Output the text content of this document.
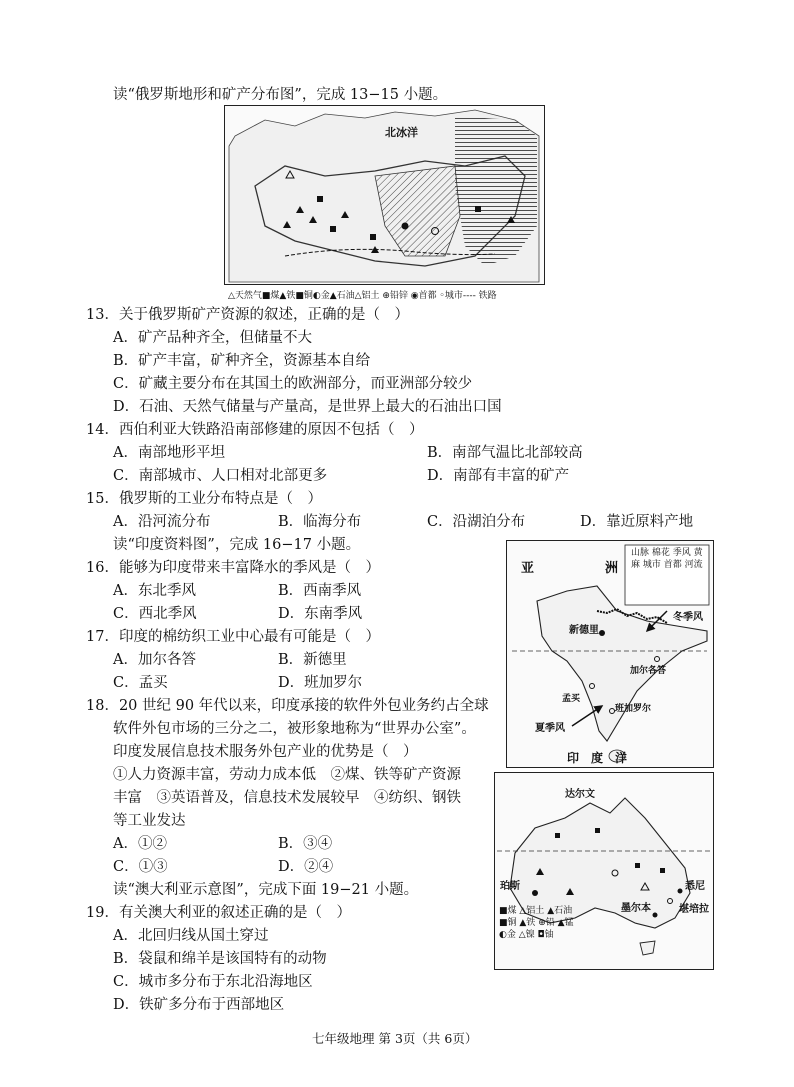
读“俄罗斯地形和矿产分布图”，完成 13−15 小题。
北冰洋
△天然气■煤▲铁■铜◐金▲石油△铝土 ⊕铅锌 ◉首都 ◦城市---- 铁路
13．关于俄罗斯矿产资源的叙述，正确的是（　）
A．矿产品种齐全，但储量不大
B．矿产丰富，矿种齐全，资源基本自给
C．矿藏主要分布在其国土的欧洲部分，而亚洲部分较少
D．石油、天然气储量与产量高，是世界上最大的石油出口国
14．西伯利亚大铁路沿南部修建的原因不包括（　）
A．南部地形平坦	B．南部气温比北部较高
C．南部城市、人口相对北部更多	D．南部有丰富的矿产
15．俄罗斯的工业分布特点是（　）
A．沿河流分布	B．临海分布	C．沿湖泊分布	D．靠近原料产地
读“印度资料图”，完成 16−17 小题。
16．能够为印度带来丰富降水的季风是（　）
A．东北季风	B．西南季风
C．西北季风	D．东南季风
17．印度的棉纺织工业中心最有可能是（　）
A．加尔各答	B．新德里
C．孟买	D．班加罗尔
18．20 世纪 90 年代以来，印度承接的软件外包业务约占全球
软件外包市场的三分之二，被形象地称为“世界办公室”。
印度发展信息技术服务外包产业的优势是（　）
①人力资源丰富，劳动力成本低　②煤、铁等矿产资源
丰富　③英语普及，信息技术发展较早　④纺织、钢铁
等工业发达
A．①②	B．③④
C．①③	D．②④
亚	洲
冬季风
新德里
加尔各答
孟买
夏季风
班加罗尔
印　度　洋
山脉 棉花 季风 黄麻 城市 首都 河流
达尔文
珀斯	悉尼
墨尔本	堪培拉
■煤 △铝土 ▲石油 ■铜 ▲铁 ⊕铅 ▲锰 ◐金 △镍 ◘铀
读“澳大利亚示意图”，完成下面 19−21 小题。
19．有关澳大利亚的叙述正确的是（　）
A．北回归线从国土穿过
B．袋鼠和绵羊是该国特有的动物
C．城市多分布于东北沿海地区
D．铁矿多分布于西部地区
七年级地理 第 3页（共 6页）
